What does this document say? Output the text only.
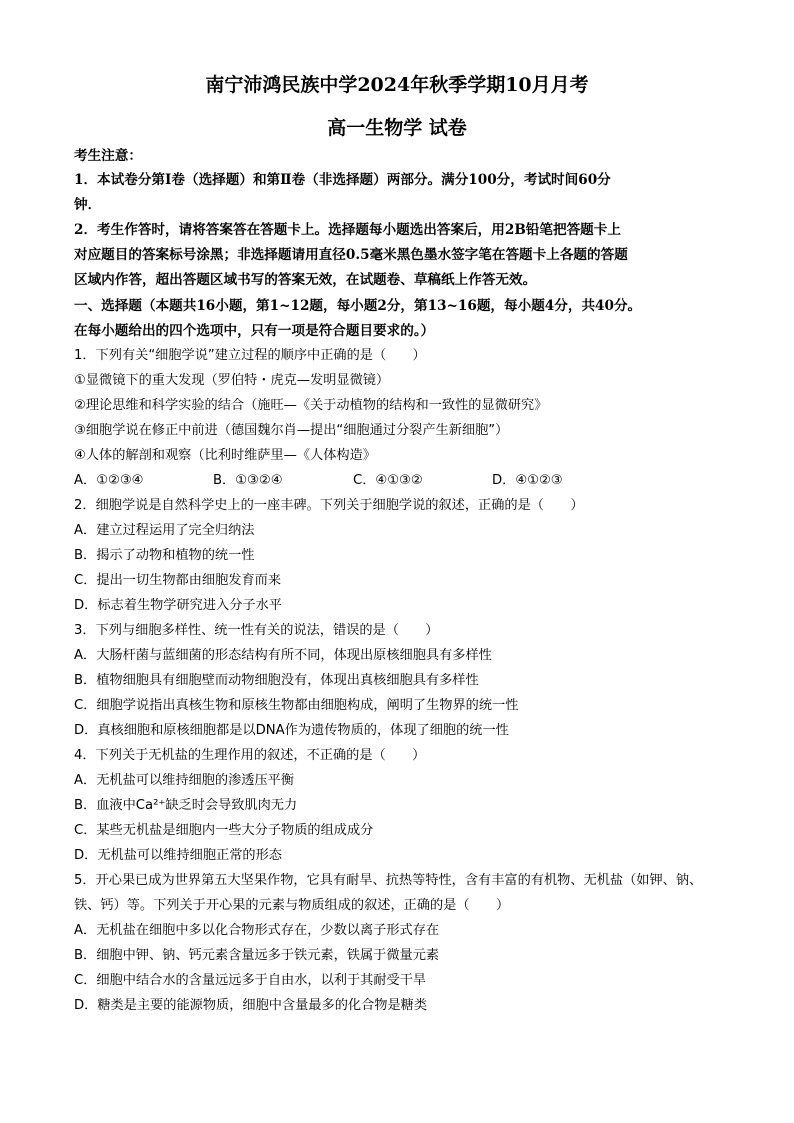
南宁沛鸿民族中学2024年秋季学期10月月考
高一生物学 试卷
考生注意：
1．本试卷分第Ⅰ卷（选择题）和第Ⅱ卷（非选择题）两部分。满分100分，考试时间60分
钟．
2．考生作答时，请将答案答在答题卡上。选择题每小题选出答案后，用2B铅笔把答题卡上
对应题目的答案标号涂黑；非选择题请用直径0.5毫米黑色墨水签字笔在答题卡上各题的答题
区域内作答，超出答题区域书写的答案无效，在试题卷、草稿纸上作答无效。
一、选择题（本题共16小题，第1~12题，每小题2分，第13~16题，每小题4分，共40分。
在每小题给出的四个选项中，只有一项是符合题目要求的。）
1．下列有关“细胞学说”建立过程的顺序中正确的是（　　）
①显微镜下的重大发现（罗伯特・虎克—发明显微镜）
②理论思维和科学实验的结合（施旺—《关于动植物的结构和一致性的显微研究》
③细胞学说在修正中前进（德国魏尔肖—提出“细胞通过分裂产生新细胞”）
④人体的解剖和观察（比利时维萨里—《人体构造》
A．①②③④	B．①③②④	C．④①③②	D．④①②③
2．细胞学说是自然科学史上的一座丰碑。下列关于细胞学说的叙述，正确的是（　　）
A．建立过程运用了完全归纳法
B．揭示了动物和植物的统一性
C．提出一切生物都由细胞发育而来
D．标志着生物学研究进入分子水平
3．下列与细胞多样性、统一性有关的说法，错误的是（　　）
A．大肠杆菌与蓝细菌的形态结构有所不同，体现出原核细胞具有多样性
B．植物细胞具有细胞壁而动物细胞没有，体现出真核细胞具有多样性
C．细胞学说指出真核生物和原核生物都由细胞构成，阐明了生物界的统一性
D．真核细胞和原核细胞都是以DNA作为遗传物质的，体现了细胞的统一性
4．下列关于无机盐的生理作用的叙述，不正确的是（　　）
A．无机盐可以维持细胞的渗透压平衡
B．血液中Ca²⁺缺乏时会导致肌肉无力
C．某些无机盐是细胞内一些大分子物质的组成成分
D．无机盐可以维持细胞正常的形态
5．开心果已成为世界第五大坚果作物，它具有耐旱、抗热等特性，含有丰富的有机物、无机盐（如钾、钠、
铁、钙）等。下列关于开心果的元素与物质组成的叙述，正确的是（　　）
A．无机盐在细胞中多以化合物形式存在，少数以离子形式存在
B．细胞中钾、钠、钙元素含量远多于铁元素，铁属于微量元素
C．细胞中结合水的含量远远多于自由水，以利于其耐受干旱
D．糖类是主要的能源物质，细胞中含量最多的化合物是糖类
